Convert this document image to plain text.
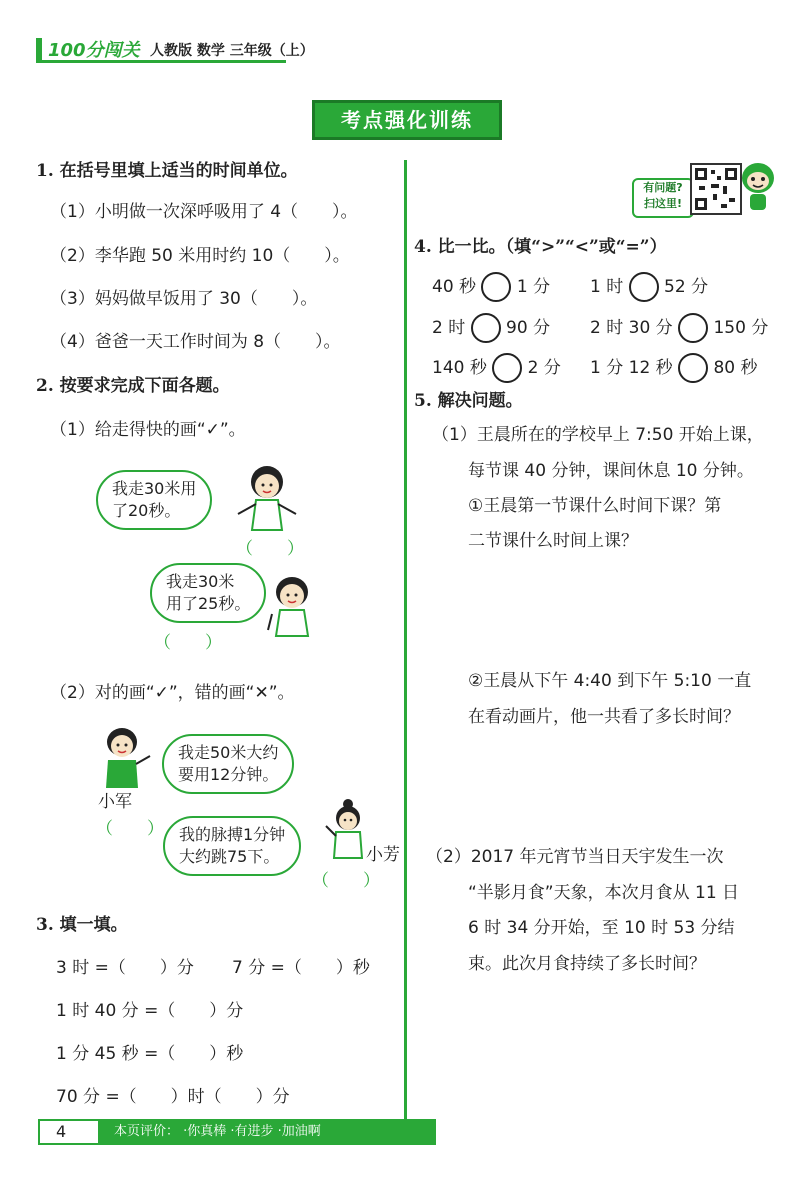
100分闯关 人教版 数学 三年级（上）
考点强化训练
有问题?
扫这里!
1. 在括号里填上适当的时间单位。
（1）小明做一次深呼吸用了 4（　　）。
（2）李华跑 50 米用时约 10（　　）。
（3）妈妈做早饭用了 30（　　）。
（4）爸爸一天工作时间为 8（　　）。
2. 按要求完成下面各题。
（1）给走得快的画“✓”。
我走30米用
了20秒。
（　　）
我走30米
用了25秒。
（　　）
（2）对的画“✓”，错的画“✕”。
我走50米大约
要用12分钟。
小军
（　　） 我的脉搏1分钟
大约跳75下。	小芳
（　　）
3. 填一填。
3 时 =（　　）分 7 分 =（　　）秒
1 时 40 分 =（　　）分
1 分 45 秒 =（　　）秒
70 分 =（　　）时（　　）分
4. 比一比。（填“>”“<”或“=”）
40 秒 1 分 1 时 52 分
2 时 90 分 2 时 30 分 150 分
140 秒 2 分 1 分 12 秒 80 秒
5. 解决问题。
（1）王晨所在的学校早上 7:50 开始上课，
每节课 40 分钟，课间休息 10 分钟。
①王晨第一节课什么时间下课？第
二节课什么时间上课？
②王晨从下午 4:40 到下午 5:10 一直
在看动画片，他一共看了多长时间？
（2）2017 年元宵节当日天宇发生一次
“半影月食”天象，本次月食从 11 日
6 时 34 分开始，至 10 时 53 分结
束。此次月食持续了多长时间？
4	本页评价： ·你真棒 ·有进步 ·加油啊
